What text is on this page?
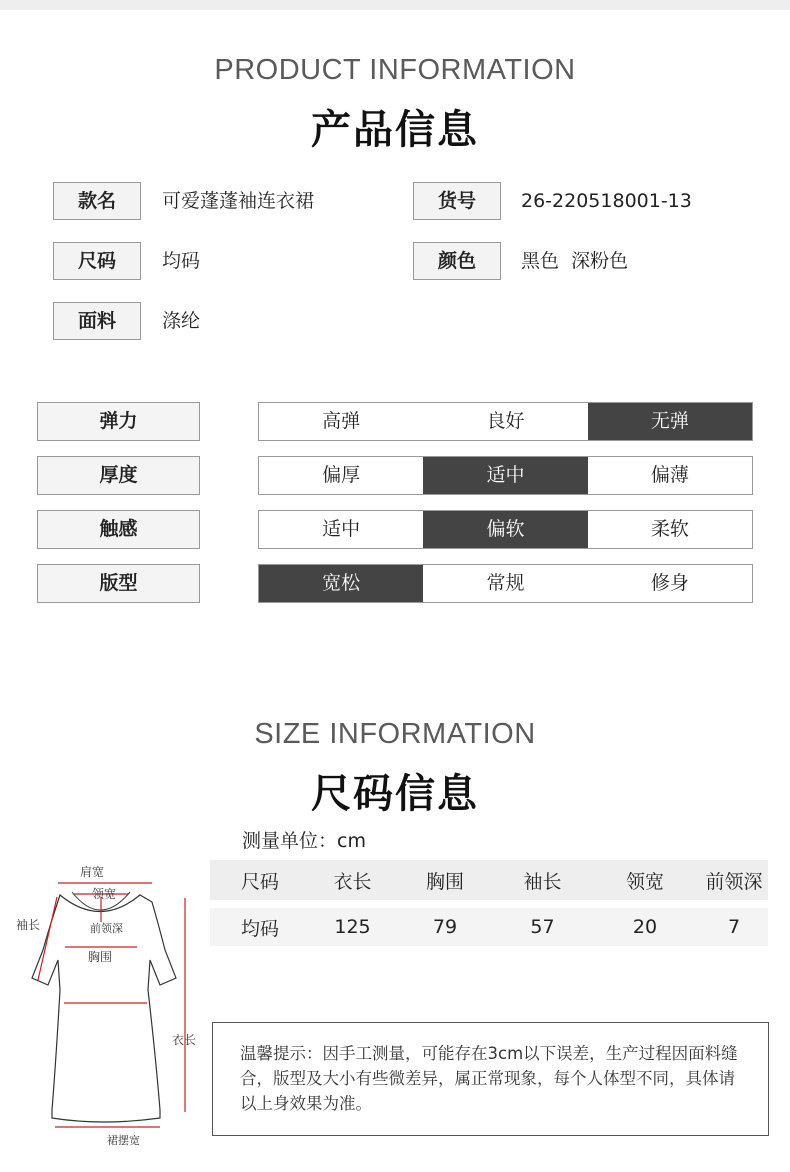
PRODUCT INFORMATION
产品信息
款名	可爱蓬蓬袖连衣裙	货号	26-220518001-13
尺码	均码	颜色	黑色  深粉色
面料	涤纶
弹力	高弹	良好	无弹
厚度	偏厚	适中	偏薄
触感	适中	偏软	柔软
版型	宽松	常规	修身
SIZE INFORMATION
尺码信息
测量单位：cm
尺码	衣长	胸围	袖长	领宽	前领深
均码	125	79	57	20	7
肩宽
领宽
前领深
袖长
胸围
衣长
裙摆宽
温馨提示：因手工测量，可能存在3cm以下误差，生产过程因面料缝合，版型及大小有些微差异，属正常现象，每个人体型不同，具体请以上身效果为准。
